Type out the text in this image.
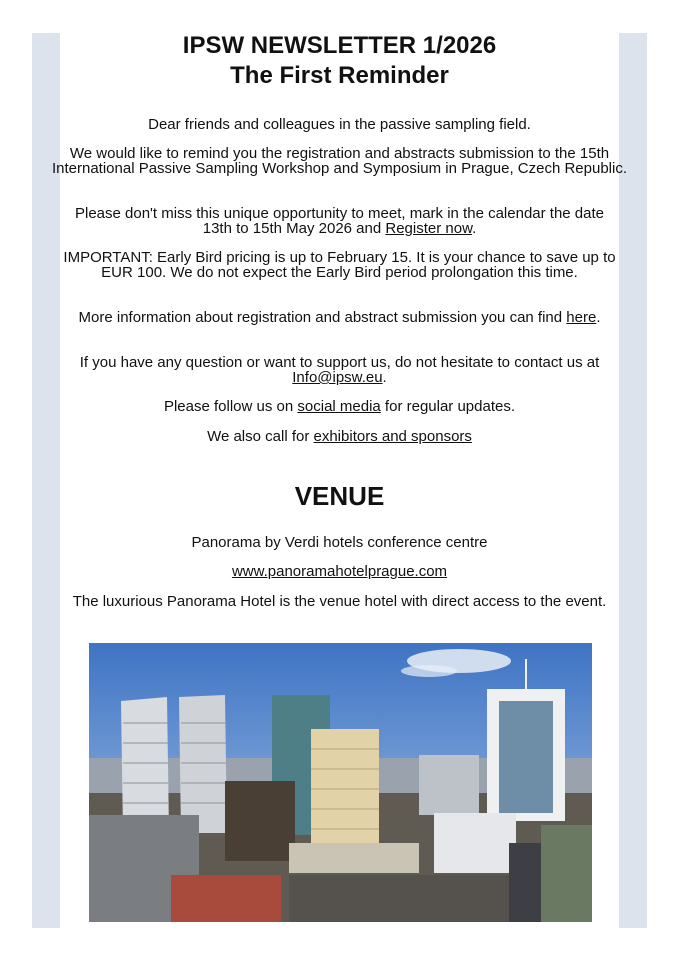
IPSW NEWSLETTER 1/2026
The First Reminder

Dear friends and colleagues in the passive sampling field.

We would like to remind you the registration and abstracts submission to the 15th International Passive Sampling Workshop and Symposium in Prague, Czech Republic.

Please don't miss this unique opportunity to meet, mark in the calendar the date 13th to 15th May 2026 and Register now.

IMPORTANT: Early Bird pricing is up to February 15. It is your chance to save up to EUR 100. We do not expect the Early Bird period prolongation this time.

More information about registration and abstract submission you can find here.

If you have any question or want to support us, do not hesitate to contact us at Info@ipsw.eu.

Please follow us on social media for regular updates.

We also call for exhibitors and sponsors

VENUE

Panorama by Verdi hotels conference centre

www.panoramahotelprague.com

The luxurious Panorama Hotel is the venue hotel with direct access to the event.
